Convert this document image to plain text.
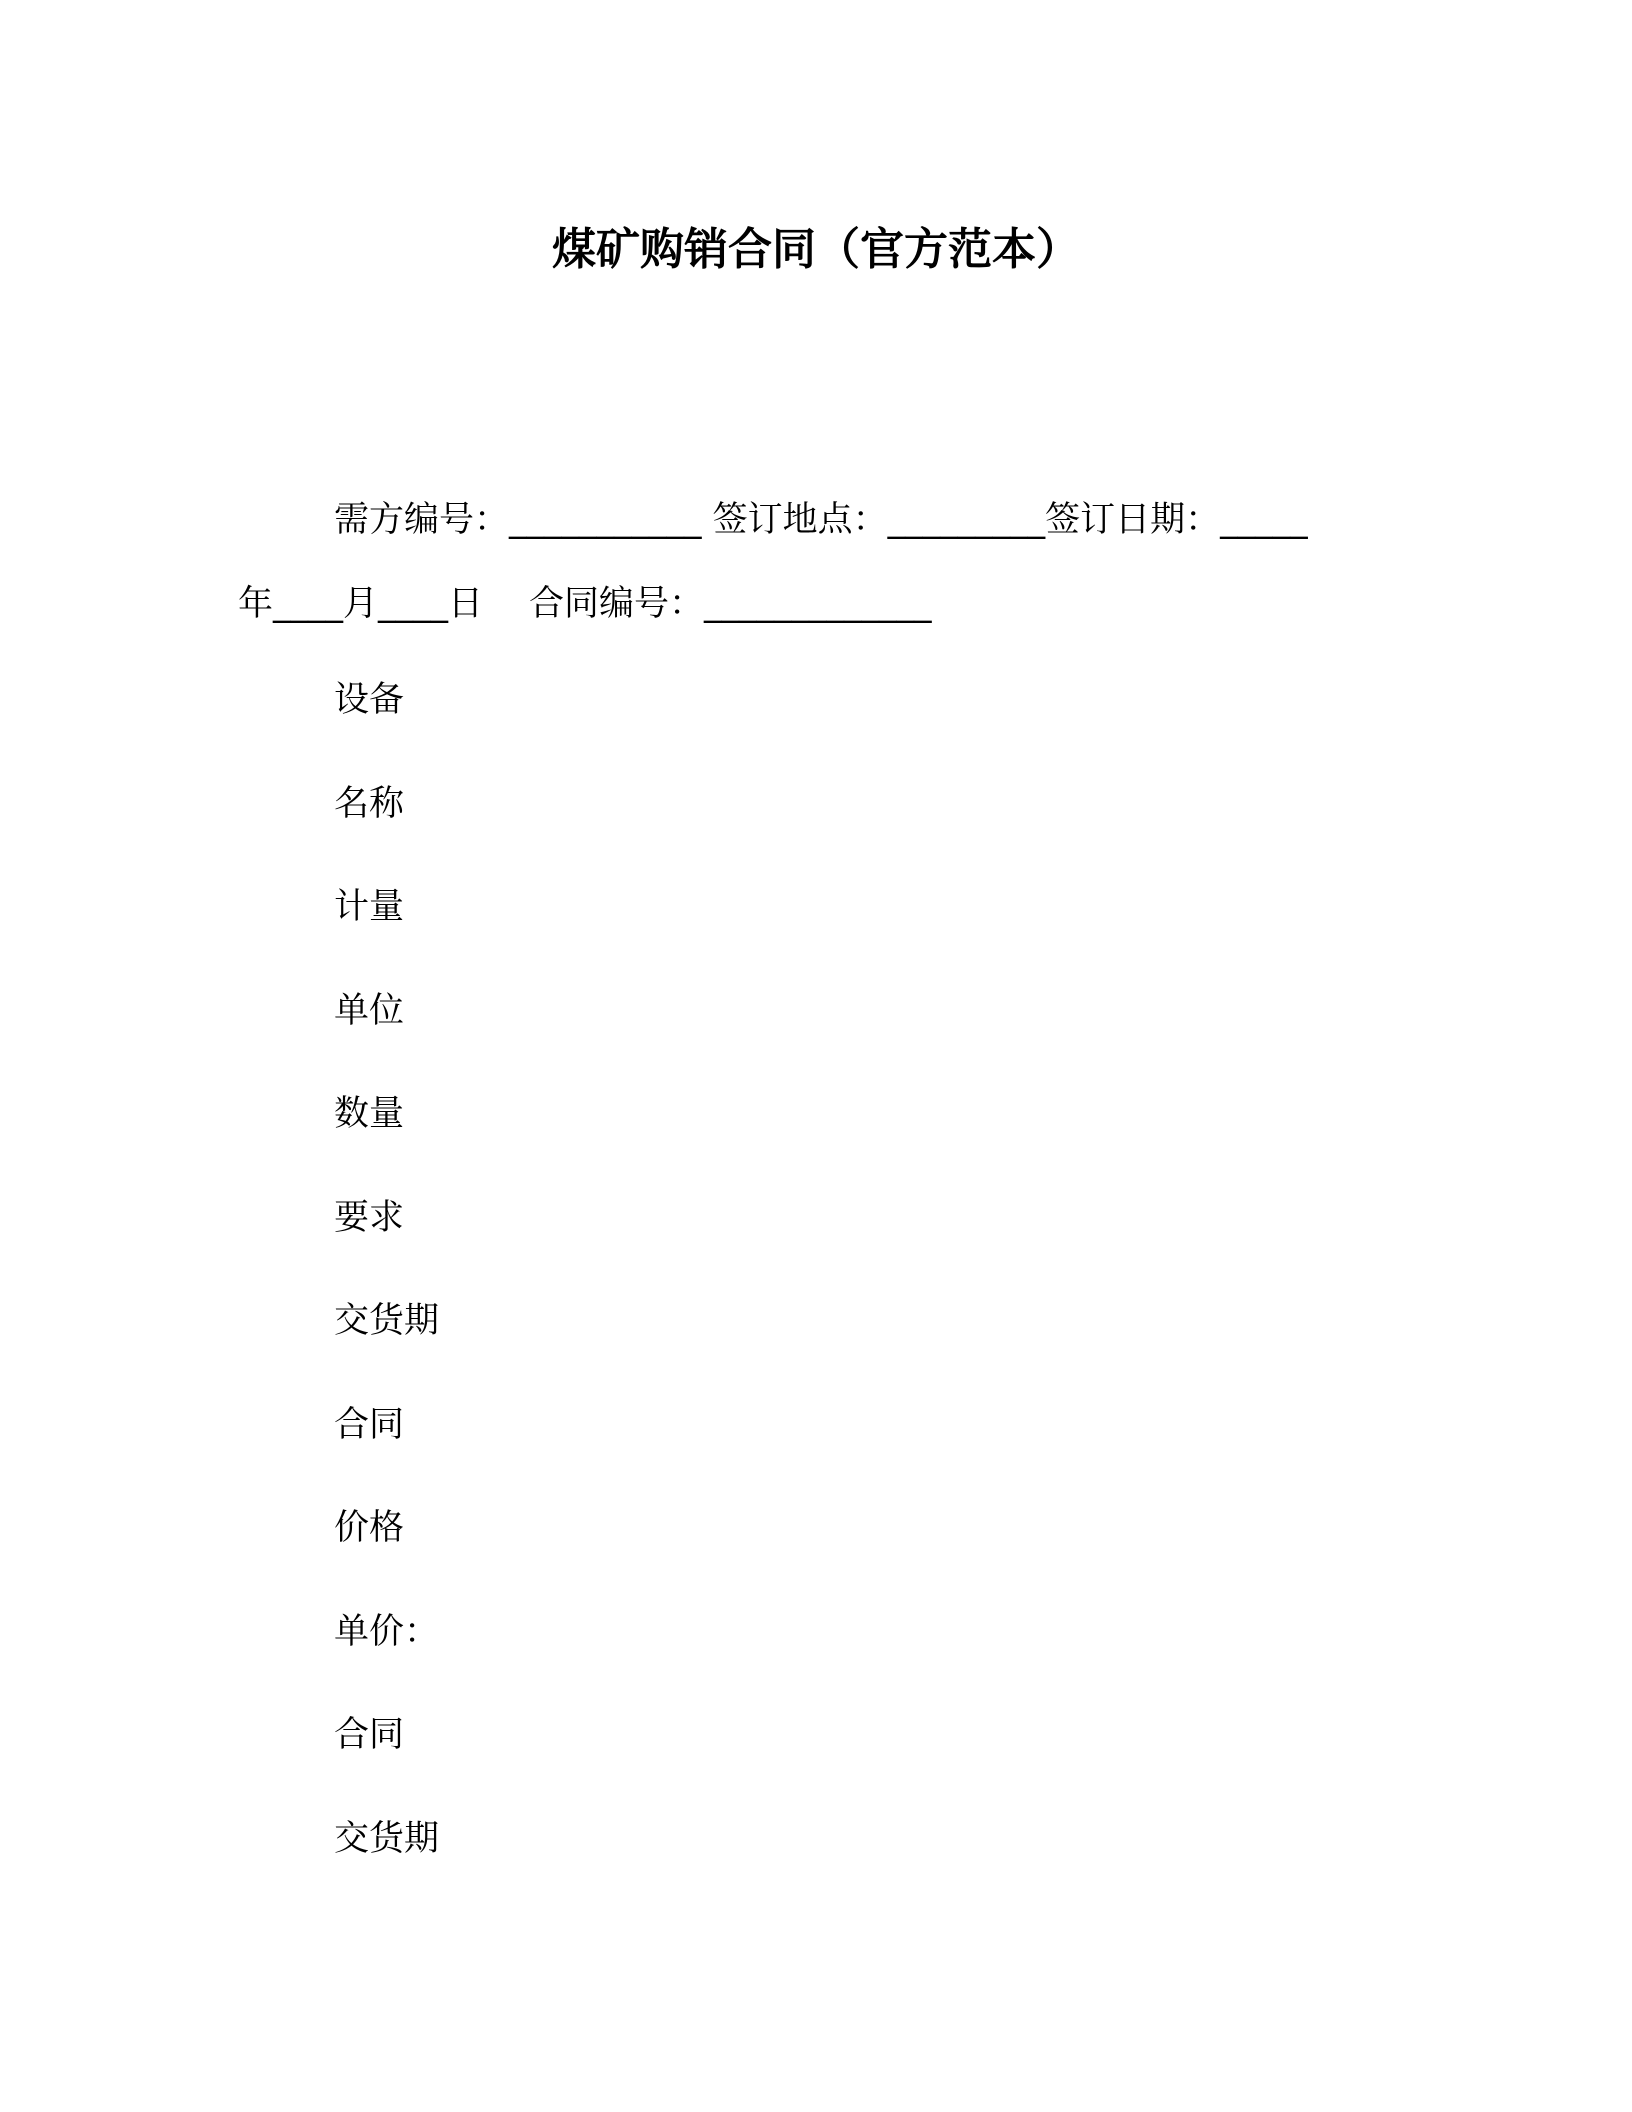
煤矿购销合同（官方范本）

需方编号：___________ 签订地点：_________签订日期：_____

年____月____日 合同编号：_____________

设备
名称
计量
单位
数量
要求
交货期
合同
价格
单价：
合同
交货期
